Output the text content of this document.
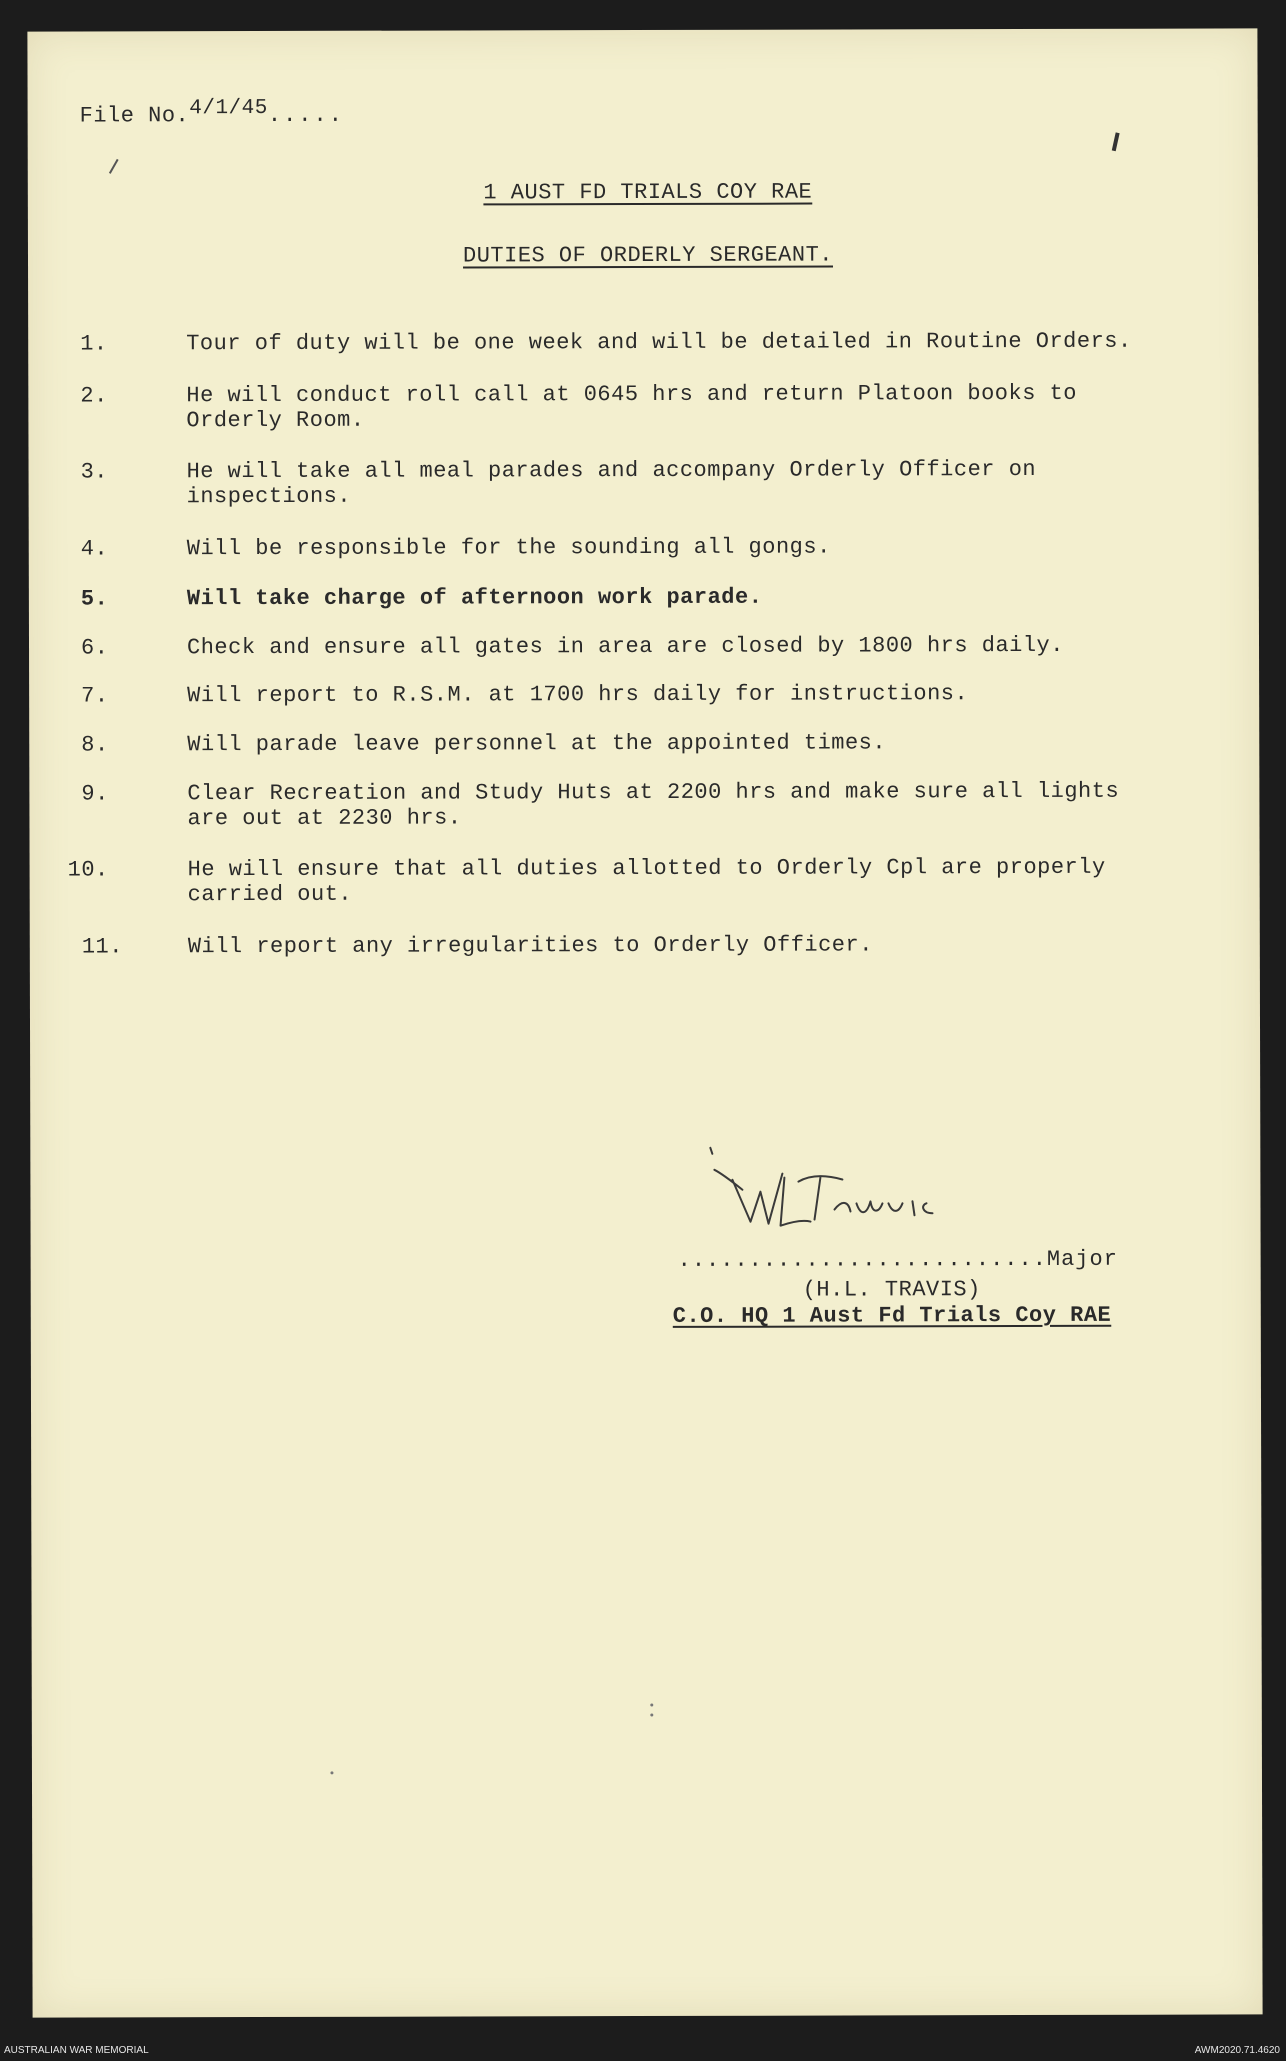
File No.4/1/45.....
1 AUST FD TRIALS COY RAE
DUTIES OF ORDERLY SERGEANT.
1.	Tour of duty will be one week and will be detailed in Routine Orders.
2.	He will conduct roll call at 0645 hrs and return Platoon books to Orderly Room.
3.	He will take all meal parades and accompany Orderly Officer on inspections.
4.	Will be responsible for the sounding all gongs.
5.	Will take charge of afternoon work parade.
6.	Check and ensure all gates in area are closed by 1800 hrs daily.
7.	Will report to R.S.M. at 1700 hrs daily for instructions.
8.	Will parade leave personnel at the appointed times.
9.	Clear Recreation and Study Huts at 2200 hrs and make sure all lights are out at 2230 hrs.
10.	He will ensure that all duties allotted to Orderly Cpl are properly carried out.
11.	Will report any irregularities to Orderly Officer.
..........................Major
(H.L. TRAVIS)
C.O. HQ 1 Aust Fd Trials Coy RAE
AUSTRALIAN WAR MEMORIAL	AWM2020.71.4620
